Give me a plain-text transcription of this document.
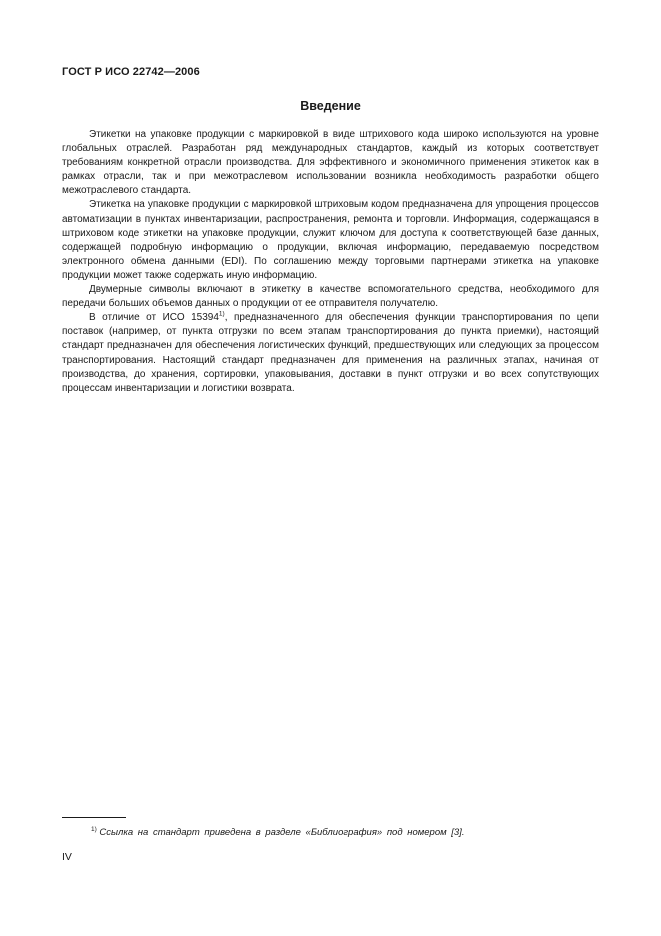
ГОСТ Р ИСО 22742—2006
Введение

Этикетки на упаковке продукции с маркировкой в виде штрихового кода широко используются на уровне глобальных отраслей. Разработан ряд международных стандартов, каждый из которых соответствует требованиям конкретной отрасли производства. Для эффективного и экономичного применения этикеток как в рамках отрасли, так и при межотраслевом использовании возникла необходимость разработки общего межотраслевого стандарта.

Этикетка на упаковке продукции с маркировкой штриховым кодом предназначена для упрощения процессов автоматизации в пунктах инвентаризации, распространения, ремонта и торговли. Информация, содержащаяся в штриховом коде этикетки на упаковке продукции, служит ключом для доступа к соответствующей базе данных, содержащей подробную информацию о продукции, включая информацию, передаваемую посредством электронного обмена данными (EDI). По соглашению между торговыми партнерами этикетка на упаковке продукции может также содержать иную информацию.

Двумерные символы включают в этикетку в качестве вспомогательного средства, необходимого для передачи больших объемов данных о продукции от ее отправителя получателю.

В отличие от ИСО 15394$^{1)}$, предназначенного для обеспечения функции транспортирования по цепи поставок (например, от пункта отгрузки по всем этапам транспортирования до пункта приемки), настоящий стандарт предназначен для обеспечения логистических функций, предшествующих или следующих за процессом транспортирования. Настоящий стандарт предназначен для применения на различных этапах, начиная от производства, до хранения, сортировки, упаковывания, доставки в пункт отгрузки и во всех сопутствующих процессам инвентаризации и логистики возврата.

$^{1)}$ Ссылка на стандарт приведена в разделе «Библиография» под номером [3].
IV
